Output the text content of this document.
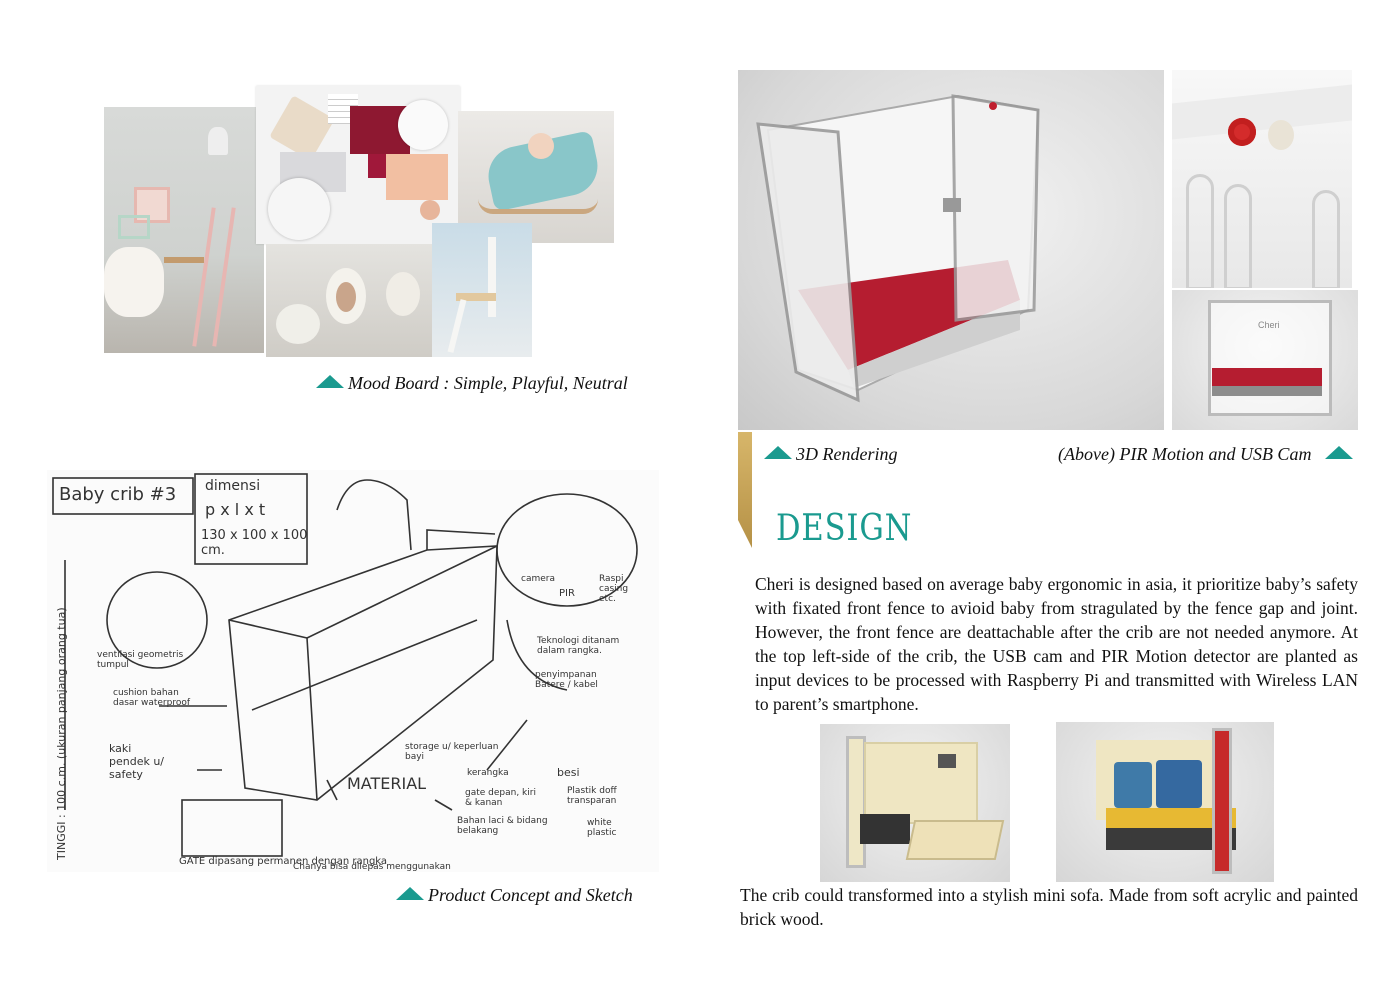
Mood Board : Simple, Playful, Neutral
Baby crib #3 dimensi
p x l x t
130 x 100 x 100 cm.
TINGGI : 100 c.m. (ukuran panjang orang tua)	ventilasi geometris tumpul
cushion bahan dasar waterproof
kaki pendek u/ safety
GATE dipasang permanen dengan rangka
Chanya bisa dilepas menggunakan
storage u/ keperluan bayi
MATERIAL
kerangka	besi
gate depan, kiri & kanan
Plastik doff transparan
Bahan laci & bidang belakang
white plastic
Teknologi ditanam dalam rangka.
penyimpanan Batere / kabel
camera
PIR
Raspi casing etc.
Product Concept and Sketch
Cheri
3D Rendering	(Above) PIR Motion and USB Cam
DESIGN
Cheri is designed based on average baby ergonomic in asia, it prioritize baby’s safety with fixated front fence to avioid baby from stragulated by the fence gap and joint. However, the front fence are deattachable after the crib are not needed anymore. At the top left-side of the crib, the USB cam and PIR Motion detector are planted as input devices to be processed with Raspberry Pi and transmitted with Wireless LAN to parent’s smartphone.
The crib could transformed into a stylish mini sofa. Made from soft acrylic and painted brick wood.
